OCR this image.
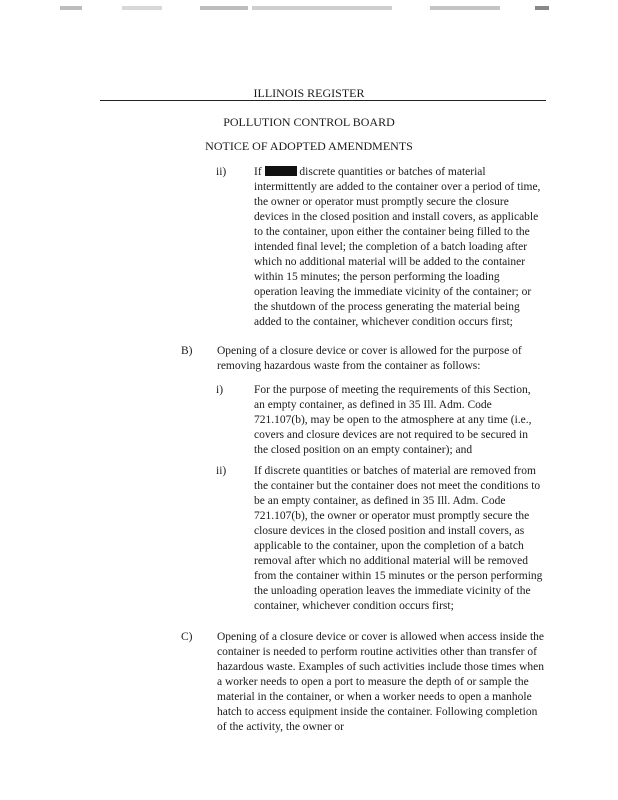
ILLINOIS REGISTER
POLLUTION CONTROL BOARD
NOTICE OF ADOPTED AMENDMENTS
ii) If	discrete quantities or batches of material intermittently are added to the container over a period of time, the owner or operator must promptly secure the closure devices in the closed position and install covers, as applicable to the container, upon either the container being filled to the intended final level; the completion of a batch loading after which no additional material will be added to the container within 15 minutes; the person performing the loading operation leaving the immediate vicinity of the container; or the shutdown of the process generating the material being added to the container, whichever condition occurs first;
B) Opening of a closure device or cover is allowed for the purpose of removing hazardous waste from the container as follows:
i)	For the purpose of meeting the requirements of this Section, an empty container, as defined in 35 Ill. Adm. Code 721.107(b), may be open to the atmosphere at any time (i.e., covers and closure devices are not required to be secured in the closed position on an empty container); and
ii) If discrete quantities or batches of material are removed from the container but the container does not meet the conditions to be an empty container, as defined in 35 Ill. Adm. Code 721.107(b), the owner or operator must promptly secure the closure devices in the closed position and install covers, as applicable to the container, upon the completion of a batch removal after which no additional material will be removed from the container within 15 minutes or the person performing the unloading operation leaves the immediate vicinity of the container, whichever condition occurs first;
C) Opening of a closure device or cover is allowed when access inside the container is needed to perform routine activities other than transfer of hazardous waste. Examples of such activities include those times when a worker needs to open a port to measure the depth of or sample the material in the container, or when a worker needs to open a manhole hatch to access equipment inside the container. Following completion of the activity, the owner or
